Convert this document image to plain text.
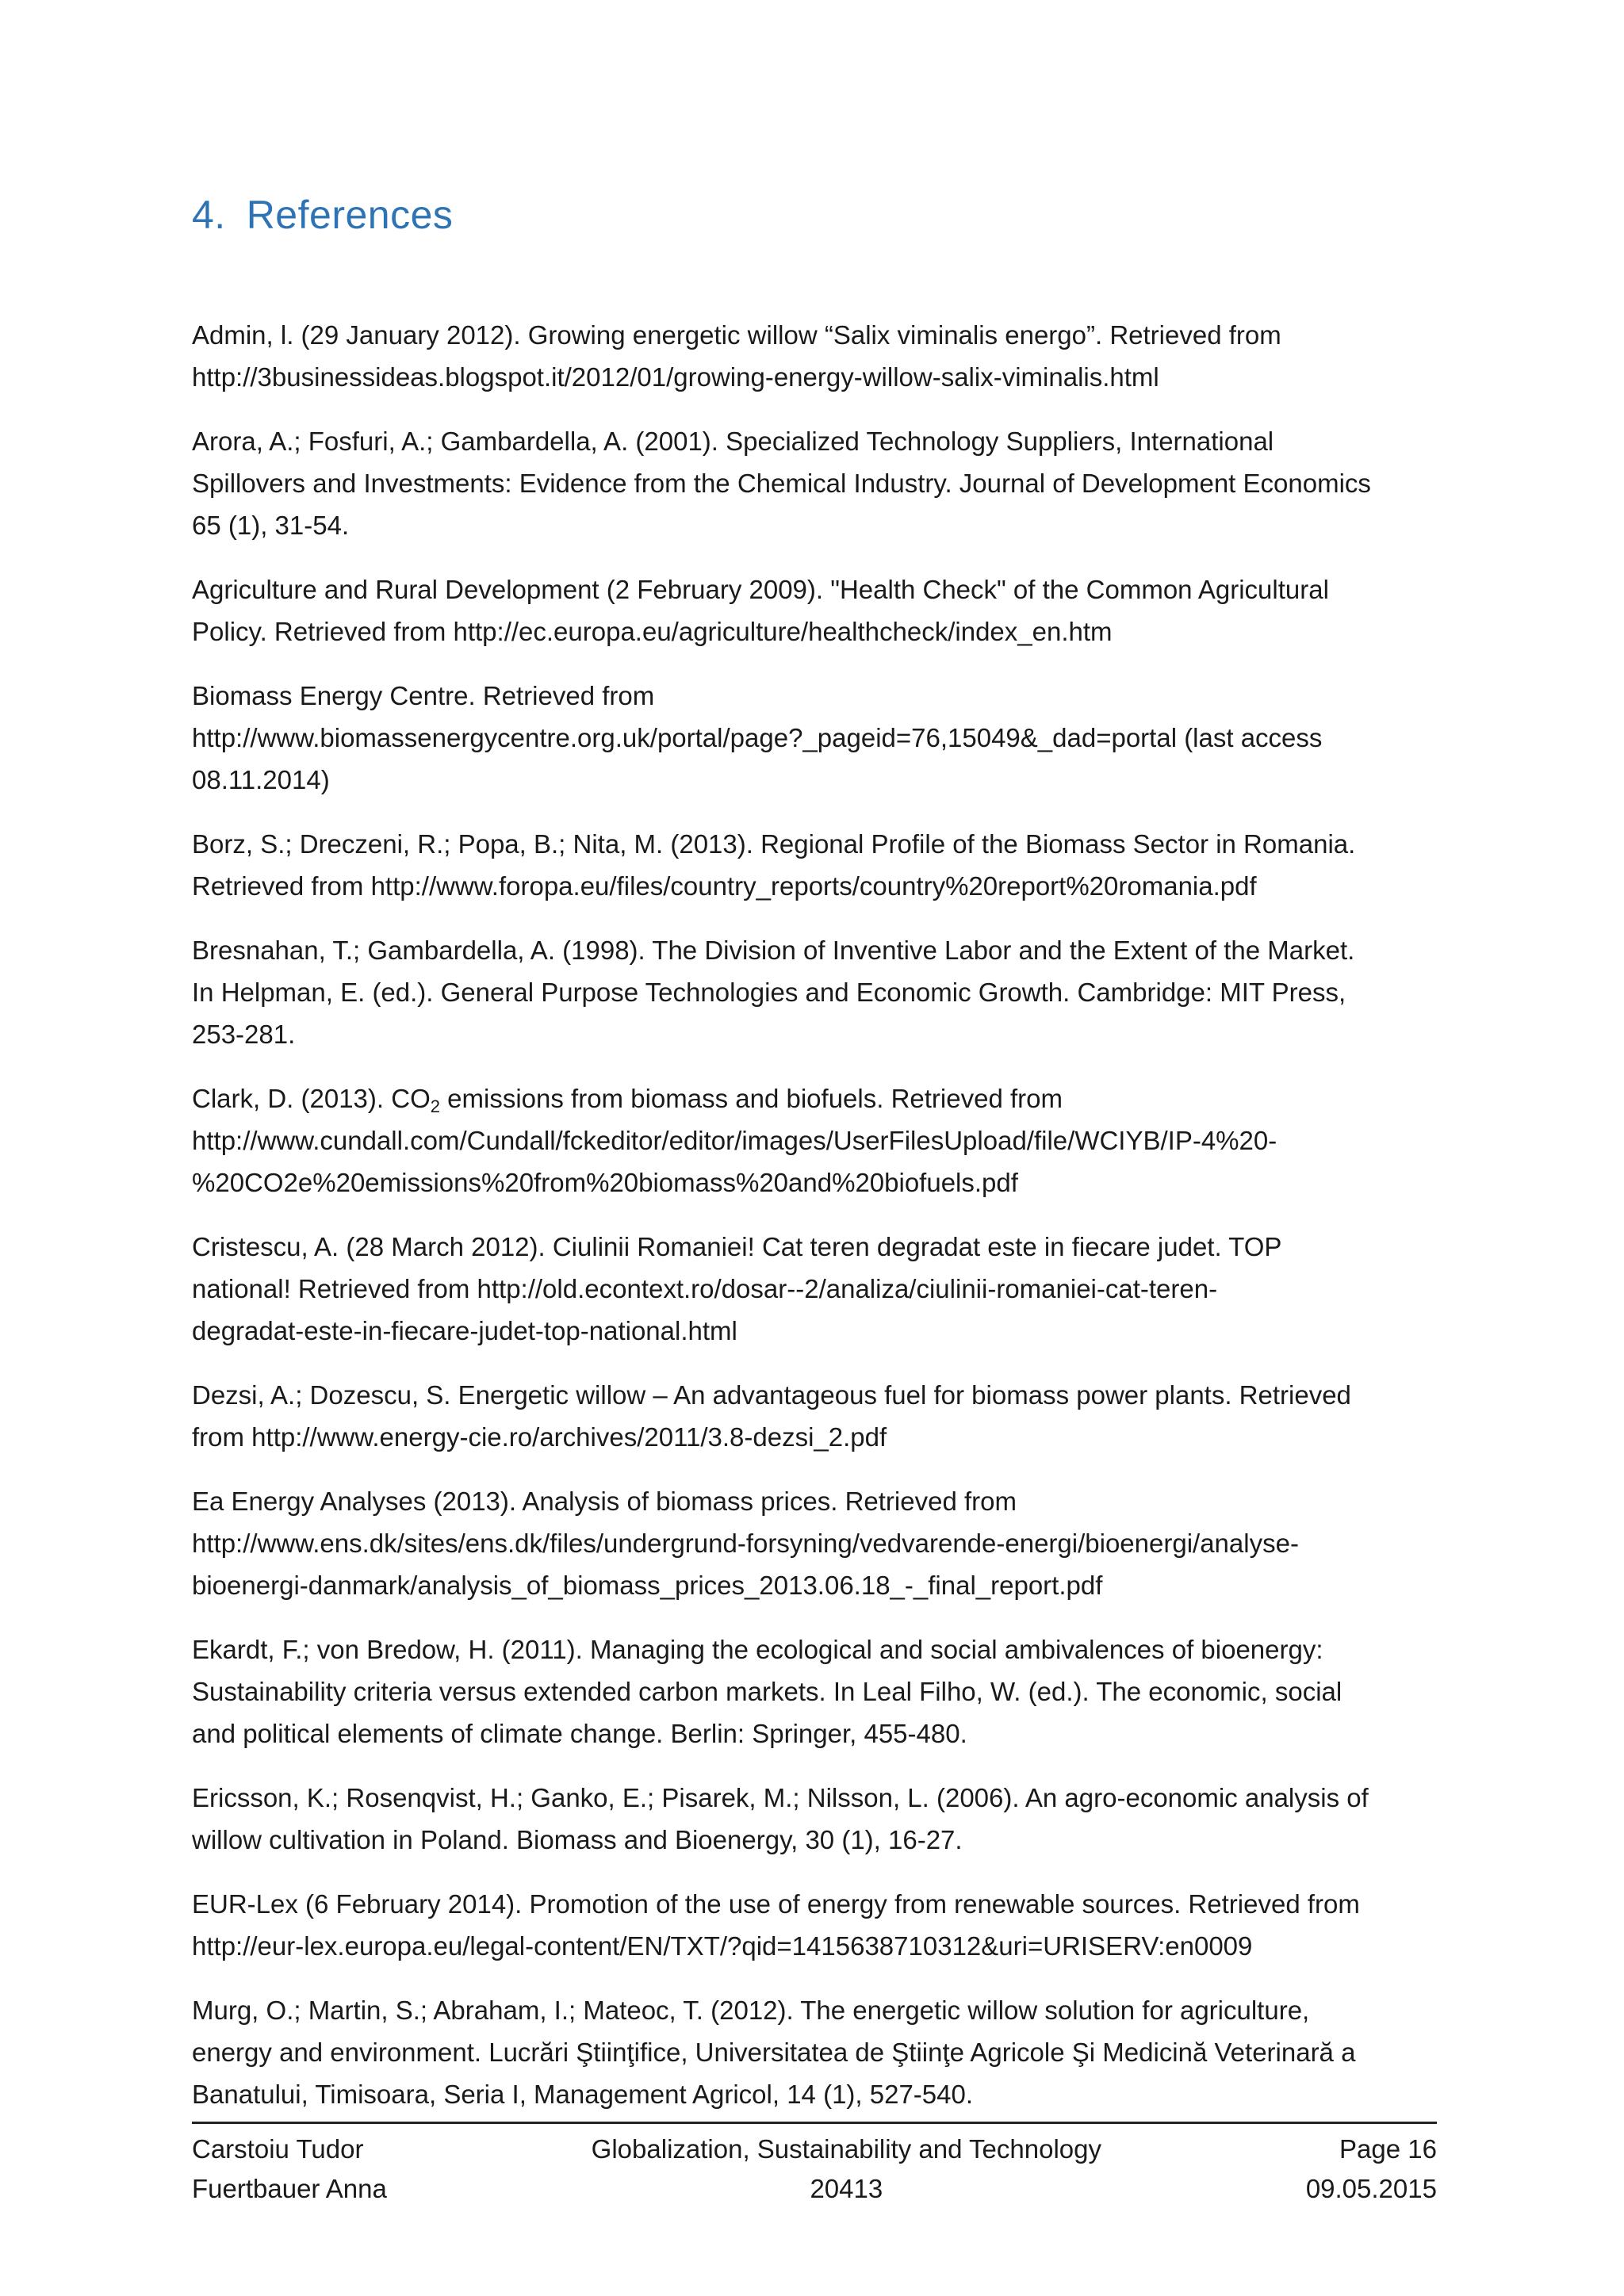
4. References

Admin, l. (29 January 2012). Growing energetic willow “Salix viminalis energo”. Retrieved from
http://3businessideas.blogspot.it/2012/01/growing-energy-willow-salix-viminalis.html

Arora, A.; Fosfuri, A.; Gambardella, A. (2001). Specialized Technology Suppliers, International
Spillovers and Investments: Evidence from the Chemical Industry. Journal of Development Economics
65 (1), 31-54.

Agriculture and Rural Development (2 February 2009). "Health Check" of the Common Agricultural
Policy. Retrieved from http://ec.europa.eu/agriculture/healthcheck/index_en.htm

Biomass Energy Centre. Retrieved from
http://www.biomassenergycentre.org.uk/portal/page?_pageid=76,15049&_dad=portal (last access
08.11.2014)

Borz, S.; Dreczeni, R.; Popa, B.; Nita, M. (2013). Regional Profile of the Biomass Sector in Romania.
Retrieved from http://www.foropa.eu/files/country_reports/country%20report%20romania.pdf

Bresnahan, T.; Gambardella, A. (1998). The Division of Inventive Labor and the Extent of the Market.
In Helpman, E. (ed.). General Purpose Technologies and Economic Growth. Cambridge: MIT Press,
253-281.

Clark, D. (2013). $CO_2$ emissions from biomass and biofuels. Retrieved from
http://www.cundall.com/Cundall/fckeditor/editor/images/UserFilesUpload/file/WCIYB/IP-4%20-
%20CO2e%20emissions%20from%20biomass%20and%20biofuels.pdf

Cristescu, A. (28 March 2012). Ciulinii Romaniei! Cat teren degradat este in fiecare judet. TOP
national! Retrieved from http://old.econtext.ro/dosar--2/analiza/ciulinii-romaniei-cat-teren-
degradat-este-in-fiecare-judet-top-national.html

Dezsi, A.; Dozescu, S. Energetic willow – An advantageous fuel for biomass power plants. Retrieved
from http://www.energy-cie.ro/archives/2011/3.8-dezsi_2.pdf

Ea Energy Analyses (2013). Analysis of biomass prices. Retrieved from
http://www.ens.dk/sites/ens.dk/files/undergrund-forsyning/vedvarende-energi/bioenergi/analyse-
bioenergi-danmark/analysis_of_biomass_prices_2013.06.18_-_final_report.pdf

Ekardt, F.; von Bredow, H. (2011). Managing the ecological and social ambivalences of bioenergy:
Sustainability criteria versus extended carbon markets. In Leal Filho, W. (ed.). The economic, social
and political elements of climate change. Berlin: Springer, 455-480.

Ericsson, K.; Rosenqvist, H.; Ganko, E.; Pisarek, M.; Nilsson, L. (2006). An agro-economic analysis of
willow cultivation in Poland. Biomass and Bioenergy, 30 (1), 16-27.

EUR-Lex (6 February 2014). Promotion of the use of energy from renewable sources. Retrieved from
http://eur-lex.europa.eu/legal-content/EN/TXT/?qid=1415638710312&uri=URISERV:en0009

Murg, O.; Martin, S.; Abraham, I.; Mateoc, T. (2012). The energetic willow solution for agriculture,
energy and environment. Lucrări Ştiinţifice, Universitatea de Ştiinţe Agricole Şi Medicină Veterinară a
Banatului, Timisoara, Seria I, Management Agricol, 14 (1), 527-540.

Carstoiu Tudor
Fuertbauer Anna
Globalization, Sustainability and Technology
20413
Page 16
09.05.2015
